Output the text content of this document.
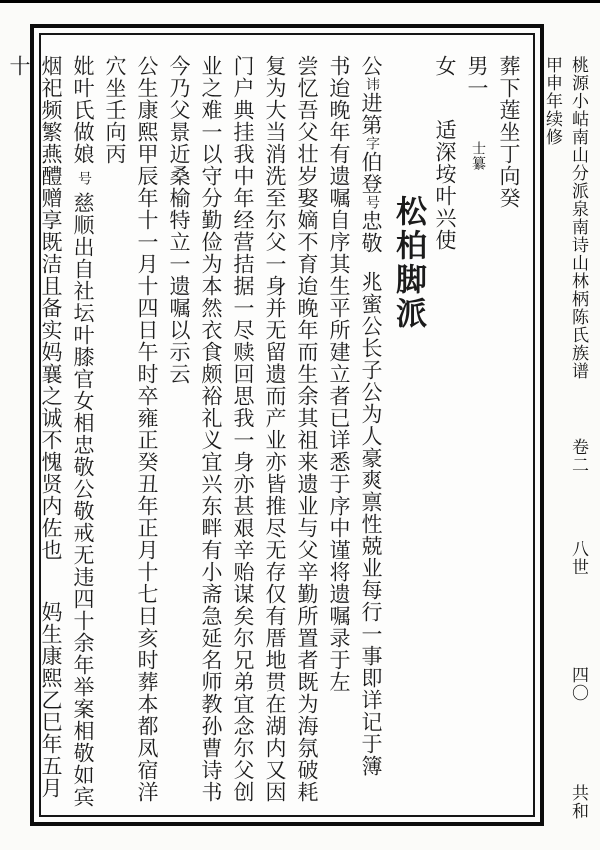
葬下莲坐丁向癸
男一士纂
女适深垵叶兴使
松柏脚派
公讳进第字伯登号忠敬兆蜜公长子公为人豪爽禀性兢业每行一事即详记于簿
书迨晚年有遗嘱自序其生平所建立者已详悉于序中谨将遗嘱录于左
尝忆吾父壮岁娶嫡不育迨晚年而生余其祖来遗业与父辛勤所置者既为海氛破耗
复为大当消洗至尔父一身并无留遗而产业亦皆推尽无存仅有厝地贯在湖内又因
门户典挂我中年经营拮据一尽赎回思我一身亦甚艰辛贻谋矣尔兄弟宜念尔父创
业之难一以守分勤俭为本然衣食颇裕礼义宜兴东畔有小斋急延名师教孙曹诗书
今乃父景近桑榆特立一遗嘱以示云
公生康熙甲辰年十一月十四日午时卒雍正癸丑年正月十七日亥时葬本都凤宿洋
穴坐壬向丙
妣叶氏做娘号慈顺出自社坛叶膝官女相忠敬公敬戒无违四十余年举案相敬如宾
烟祀频繁燕醴赠享既洁且备实妈襄之诚不愧贤内佐也妈生康熙乙巳年五月十	桃源小岵南山分派泉南诗山林柄陈氏族谱 卷二 八世 四〇 共和甲申年续修
